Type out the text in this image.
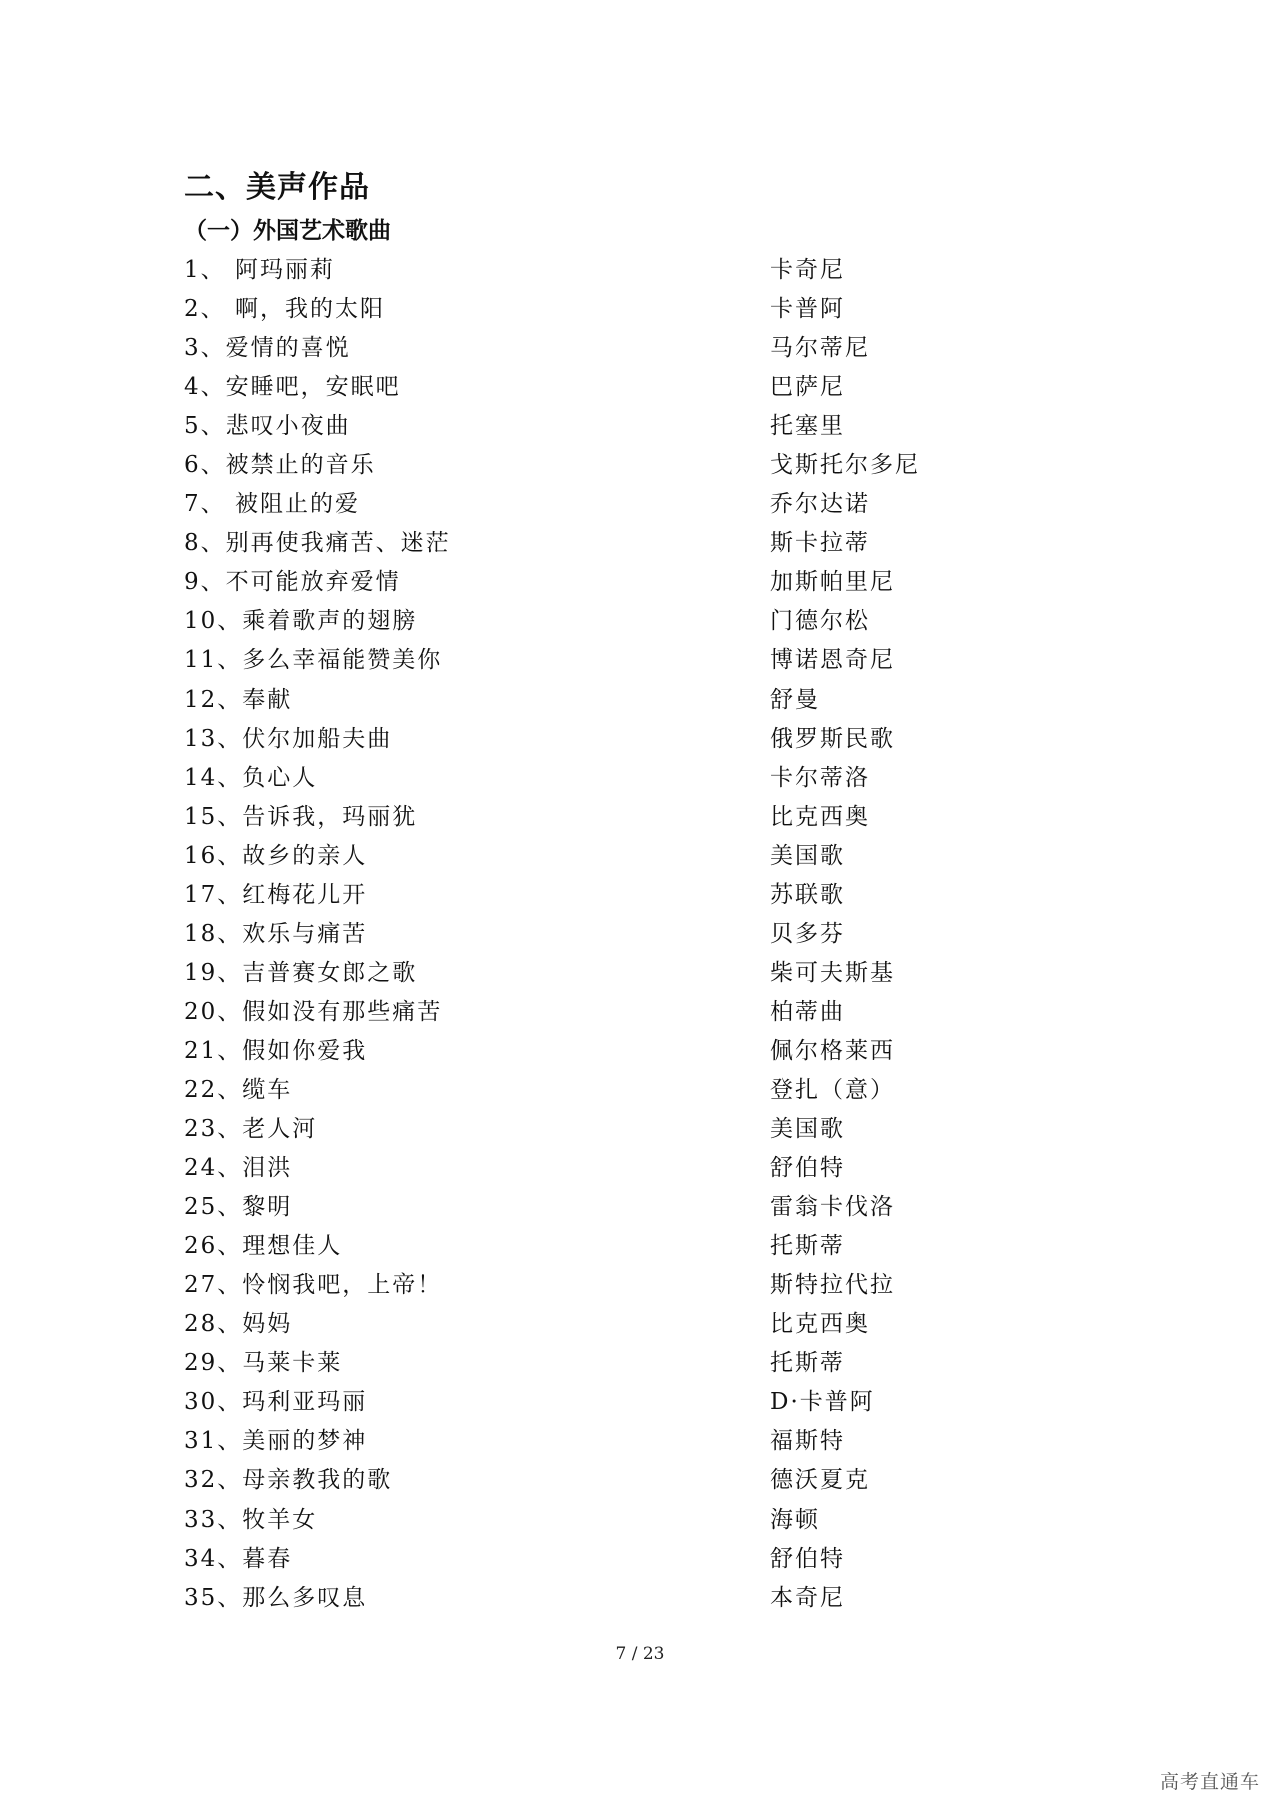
二、美声作品
（一）外国艺术歌曲
1、 阿玛丽莉	卡奇尼
2、 啊，我的太阳	卡普阿
3、 爱情的喜悦	马尔蒂尼
4、 安睡吧，安眠吧	巴萨尼
5、 悲叹小夜曲	托塞里
6、 被禁止的音乐	戈斯托尔多尼
7、 被阻止的爱	乔尔达诺
8、 别再使我痛苦、迷茫	斯卡拉蒂
9、 不可能放弃爱情	加斯帕里尼
10、 乘着歌声的翅膀	门德尔松
11、 多么幸福能赞美你	博诺恩奇尼
12、 奉献	舒曼
13、 伏尔加船夫曲	俄罗斯民歌
14、 负心人	卡尔蒂洛
15、 告诉我，玛丽犹	比克西奥
16、 故乡的亲人	美国歌
17、 红梅花儿开	苏联歌
18、 欢乐与痛苦	贝多芬
19、 吉普赛女郎之歌	柴可夫斯基
20、 假如没有那些痛苦	柏蒂曲
21、 假如你爱我	佩尔格莱西
22、 缆车	登扎（意）
23、 老人河	美国歌
24、 泪洪	舒伯特
25、 黎明	雷翁卡伐洛
26、 理想佳人	托斯蒂
27、 怜悯我吧，上帝！	斯特拉代拉
28、 妈妈	比克西奥
29、 马莱卡莱	托斯蒂
30、 玛利亚玛丽	D·卡普阿
31、 美丽的梦神	福斯特
32、 母亲教我的歌	德沃夏克
33、 牧羊女	海顿
34、 暮春	舒伯特
35、 那么多叹息	本奇尼
7 / 23
高考直通车
